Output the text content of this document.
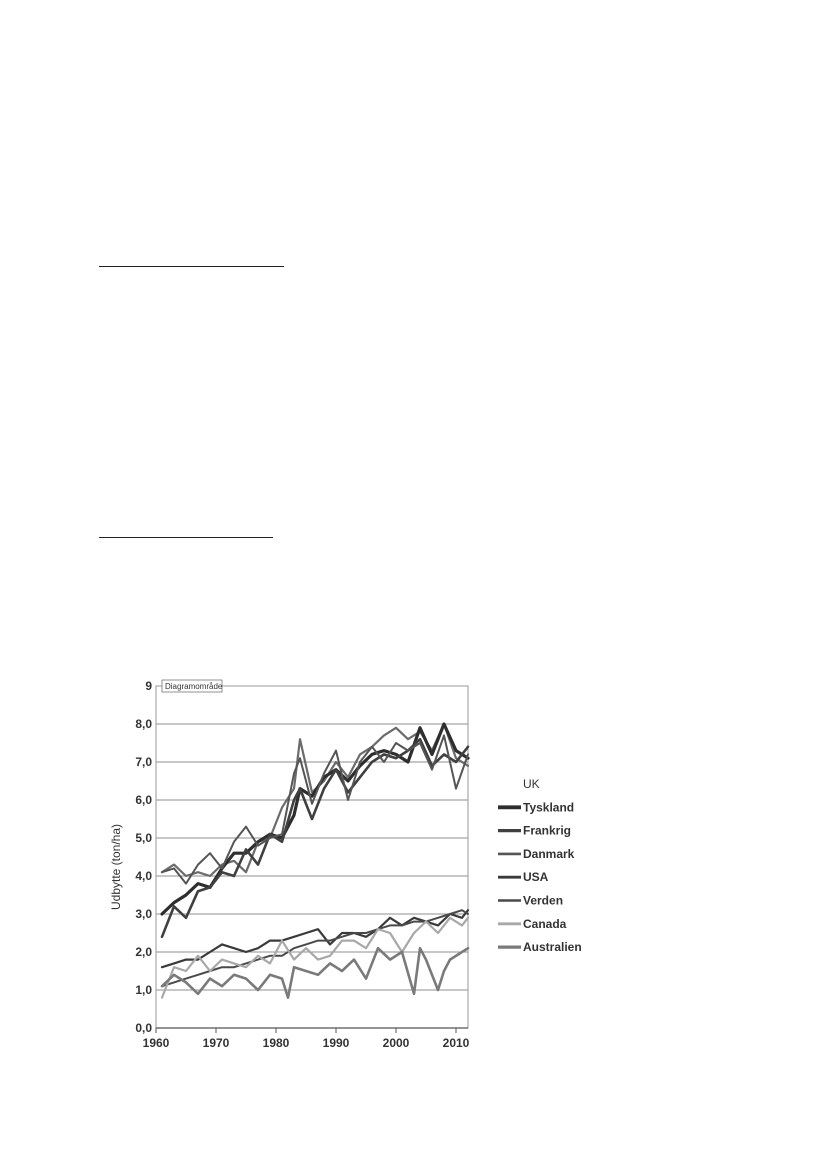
0,0
1,0
2,0
3,0
4,0
5,0
6,0
7,0
8,0
9
1960	1970	1980	1990	2000	2010
Diagramområde
Udbytte (ton/ha)
UK
Tyskland
Frankrig
Danmark
USA
Verden
Canada
Australien
